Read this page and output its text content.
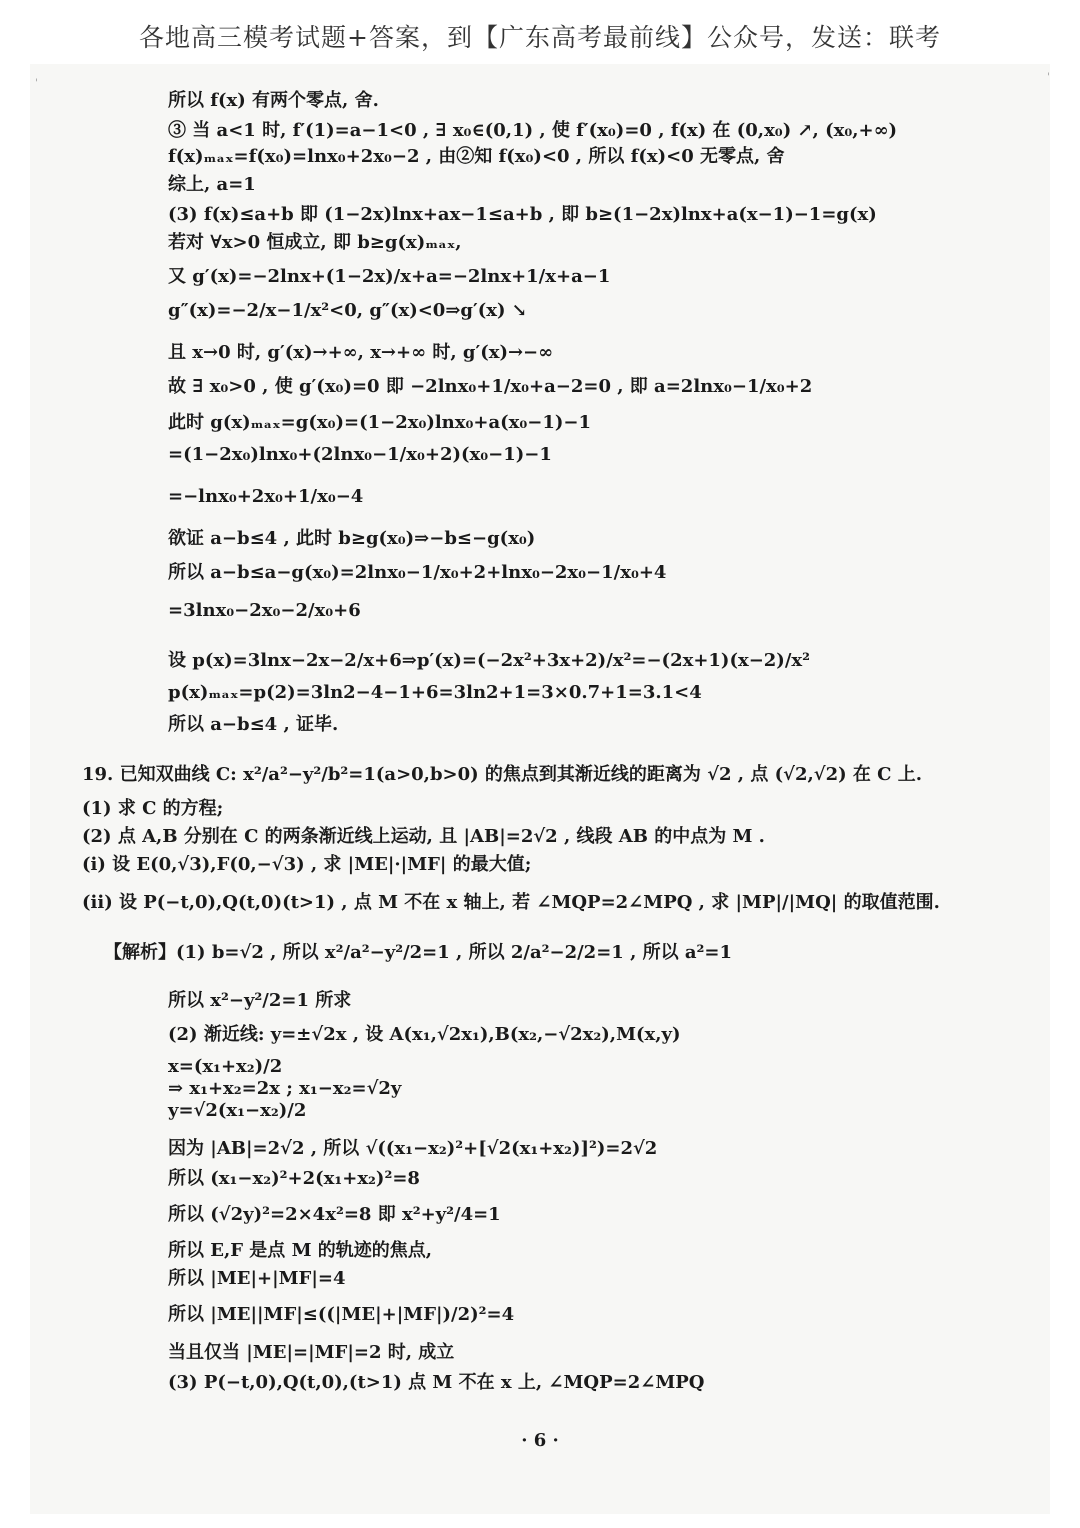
各地高三模考试题+答案，到【广东高考最前线】公众号，发送：联考
'
'
所以 f(x) 有两个零点, 舍.
③ 当 a<1 时, f′(1)=a−1<0 , ∃ x₀∈(0,1) , 使 f′(x₀)=0 , f(x) 在 (0,x₀) ↗, (x₀,+∞)
f(x)ₘₐₓ=f(x₀)=lnx₀+2x₀−2 , 由②知 f(x₀)<0 , 所以 f(x)<0 无零点, 舍
综上, a=1
(3) f(x)≤a+b 即 (1−2x)lnx+ax−1≤a+b , 即 b≥(1−2x)lnx+a(x−1)−1=g(x)
若对 ∀x>0 恒成立, 即 b≥g(x)ₘₐₓ,
又 g′(x)=−2lnx+(1−2x)/x+a=−2lnx+1/x+a−1
g″(x)=−2/x−1/x²<0, g″(x)<0⇒g′(x) ↘
且 x→0 时, g′(x)→+∞, x→+∞ 时, g′(x)→−∞
故 ∃ x₀>0 , 使 g′(x₀)=0 即 −2lnx₀+1/x₀+a−2=0 , 即 a=2lnx₀−1/x₀+2
此时 g(x)ₘₐₓ=g(x₀)=(1−2x₀)lnx₀+a(x₀−1)−1
=(1−2x₀)lnx₀+(2lnx₀−1/x₀+2)(x₀−1)−1
=−lnx₀+2x₀+1/x₀−4
欲证 a−b≤4 , 此时 b≥g(x₀)⇒−b≤−g(x₀)
所以 a−b≤a−g(x₀)=2lnx₀−1/x₀+2+lnx₀−2x₀−1/x₀+4
=3lnx₀−2x₀−2/x₀+6
设 p(x)=3lnx−2x−2/x+6⇒p′(x)=(−2x²+3x+2)/x²=−(2x+1)(x−2)/x²
p(x)ₘₐₓ=p(2)=3ln2−4−1+6=3ln2+1=3×0.7+1=3.1<4
所以 a−b≤4 , 证毕.
19. 已知双曲线 C: x²/a²−y²/b²=1(a>0,b>0) 的焦点到其渐近线的距离为 √2 , 点 (√2,√2) 在 C 上.
(1) 求 C 的方程;
(2) 点 A,B 分别在 C 的两条渐近线上运动, 且 |AB|=2√2 , 线段 AB 的中点为 M .
(i) 设 E(0,√3),F(0,−√3) , 求 |ME|·|MF| 的最大值;
(ii) 设 P(−t,0),Q(t,0)(t>1) , 点 M 不在 x 轴上, 若 ∠MQP=2∠MPQ , 求 |MP|/|MQ| 的取值范围.
【解析】(1) b=√2 , 所以 x²/a²−y²/2=1 , 所以 2/a²−2/2=1 , 所以 a²=1
所以 x²−y²/2=1 所求
(2) 渐近线: y=±√2x , 设 A(x₁,√2x₁),B(x₂,−√2x₂),M(x,y)
x=(x₁+x₂)/2
⇒ x₁+x₂=2x ; x₁−x₂=√2y
y=√2(x₁−x₂)/2
因为 |AB|=2√2 , 所以 √((x₁−x₂)²+[√2(x₁+x₂)]²)=2√2
所以 (x₁−x₂)²+2(x₁+x₂)²=8
所以 (√2y)²=2×4x²=8 即 x²+y²/4=1
所以 E,F 是点 M 的轨迹的焦点,
所以 |ME|+|MF|=4
所以 |ME||MF|≤((|ME|+|MF|)/2)²=4
当且仅当 |ME|=|MF|=2 时, 成立
(3) P(−t,0),Q(t,0),(t>1) 点 M 不在 x 上, ∠MQP=2∠MPQ
· 6 ·
